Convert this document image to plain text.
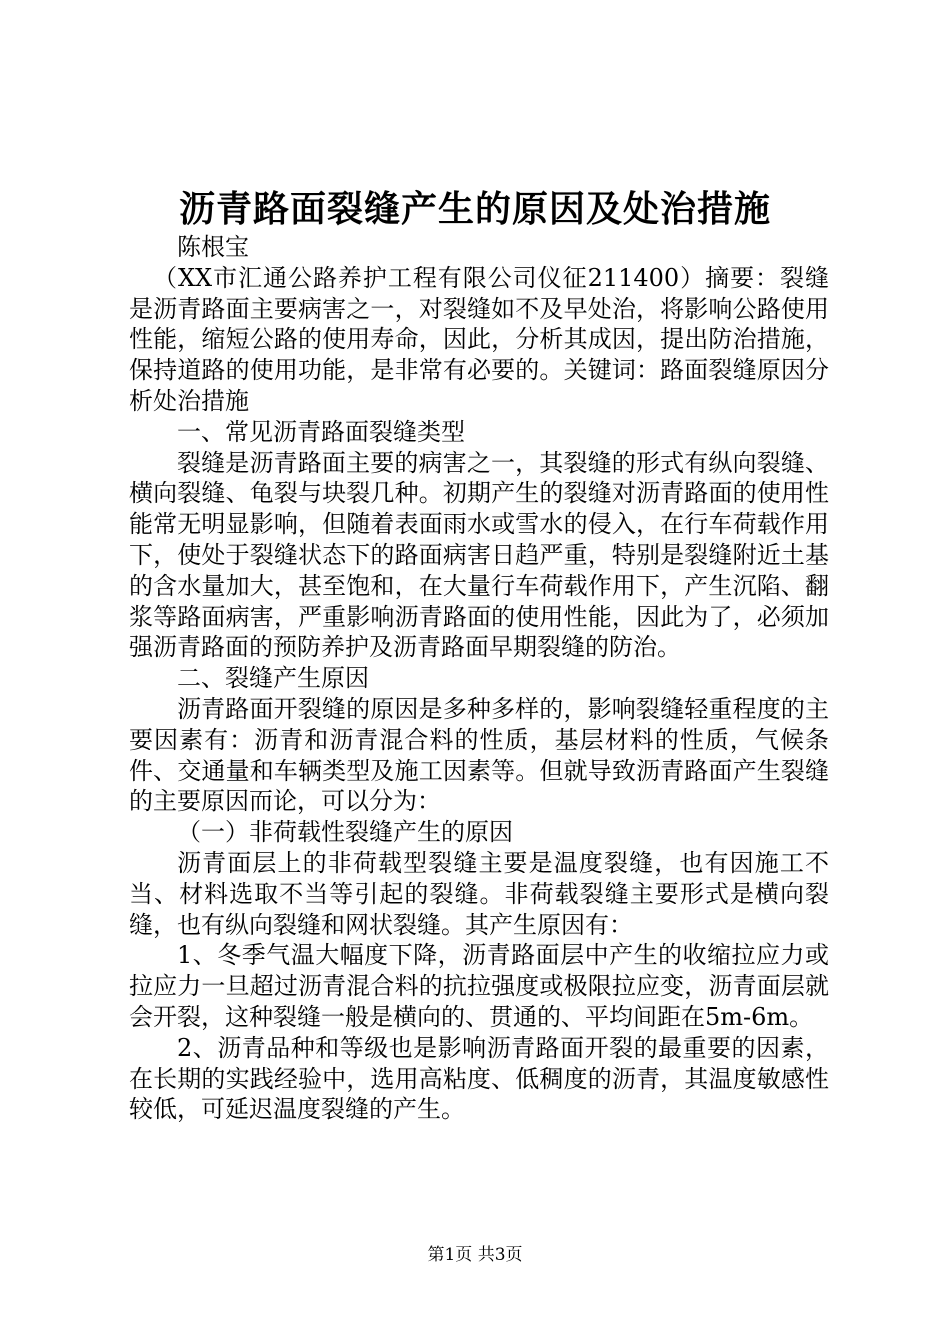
沥青路面裂缝产生的原因及处治措施

陈根宝

（XX市汇通公路养护工程有限公司仪征211400）摘要：裂缝是沥青路面主要病害之一，对裂缝如不及早处治，将影响公路使用性能，缩短公路的使用寿命，因此，分析其成因，提出防治措施，保持道路的使用功能，是非常有必要的。关键词：路面裂缝原因分析处治措施

一、常见沥青路面裂缝类型

裂缝是沥青路面主要的病害之一，其裂缝的形式有纵向裂缝、横向裂缝、龟裂与块裂几种。初期产生的裂缝对沥青路面的使用性能常无明显影响，但随着表面雨水或雪水的侵入，在行车荷载作用下，使处于裂缝状态下的路面病害日趋严重，特别是裂缝附近土基的含水量加大，甚至饱和，在大量行车荷载作用下，产生沉陷、翻浆等路面病害，严重影响沥青路面的使用性能，因此为了，必须加强沥青路面的预防养护及沥青路面早期裂缝的防治。

二、裂缝产生原因

沥青路面开裂缝的原因是多种多样的，影响裂缝轻重程度的主要因素有：沥青和沥青混合料的性质，基层材料的性质，气候条件、交通量和车辆类型及施工因素等。但就导致沥青路面产生裂缝的主要原因而论，可以分为：

（一）非荷载性裂缝产生的原因

沥青面层上的非荷载型裂缝主要是温度裂缝，也有因施工不当、材料选取不当等引起的裂缝。非荷载裂缝主要形式是横向裂缝，也有纵向裂缝和网状裂缝。其产生原因有：

1、冬季气温大幅度下降，沥青路面层中产生的收缩拉应力或拉应力一旦超过沥青混合料的抗拉强度或极限拉应变，沥青面层就会开裂，这种裂缝一般是横向的、贯通的、平均间距在5m-6m。

2、沥青品种和等级也是影响沥青路面开裂的最重要的因素，在长期的实践经验中，选用高粘度、低稠度的沥青，其温度敏感性较低，可延迟温度裂缝的产生。

第1页 共3页
